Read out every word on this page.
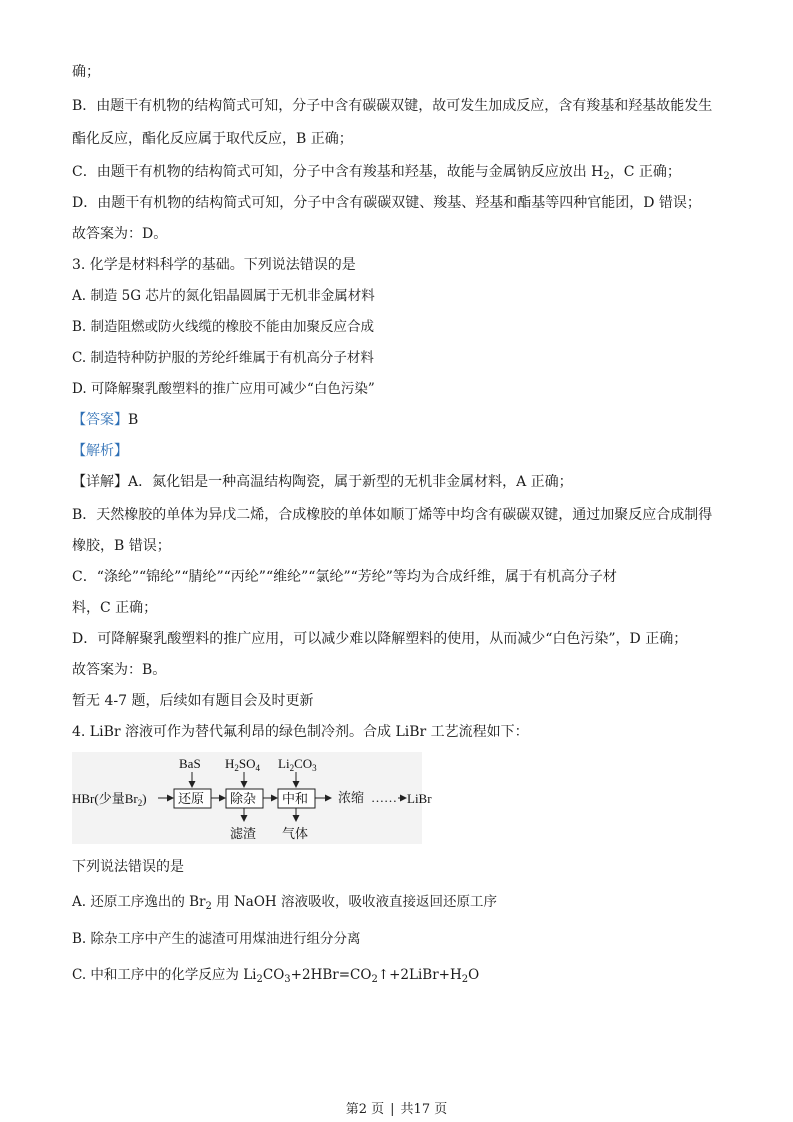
确；
B．由题干有机物的结构简式可知，分子中含有碳碳双键，故可发生加成反应，含有羧基和羟基故能发生
酯化反应，酯化反应属于取代反应，B 正确；
C．由题干有机物的结构简式可知，分子中含有羧基和羟基，故能与金属钠反应放出 $H_2$，C 正确；
D．由题干有机物的结构简式可知，分子中含有碳碳双键、羧基、羟基和酯基等四种官能团，D 错误；
故答案为：D。
3. 化学是材料科学的基础。下列说法错误的是
A. 制造 5G 芯片的氮化铝晶圆属于无机非金属材料
B. 制造阻燃或防火线缆的橡胶不能由加聚反应合成
C. 制造特种防护服的芳纶纤维属于有机高分子材料
D. 可降解聚乳酸塑料的推广应用可减少“白色污染”
【答案】B
【解析】
【详解】A．氮化铝是一种高温结构陶瓷，属于新型的无机非金属材料，A 正确；
B．天然橡胶的单体为异戊二烯，合成橡胶的单体如顺丁烯等中均含有碳碳双键，通过加聚反应合成制得
橡胶，B 错误；
C．“涤纶”“锦纶”“腈纶”“丙纶”“维纶”“氯纶”“芳纶”等均为合成纤维，属于有机高分子材
料，C 正确；
D．可降解聚乳酸塑料的推广应用，可以减少难以降解塑料的使用，从而减少“白色污染”，D 正确；
故答案为：B。
暂无 4-7 题，后续如有题目会及时更新
4. LiBr 溶液可作为替代氟利昂的绿色制冷剂。合成 LiBr 工艺流程如下：
HBr(少量$Br_2$) 还原
BaS
除杂
$H_2SO_4$
滤渣
中和
$Li_2CO_3$
气体
浓缩 …… LiBr
下列说法错误的是
A. 还原工序逸出的 $Br_2$ 用 NaOH 溶液吸收，吸收液直接返回还原工序
B. 除杂工序中产生的滤渣可用煤油进行组分分离
C. 中和工序中的化学反应为 $Li_2CO_3+2HBr=CO_2↑+2LiBr+H_2O$
第2 页 | 共17 页
